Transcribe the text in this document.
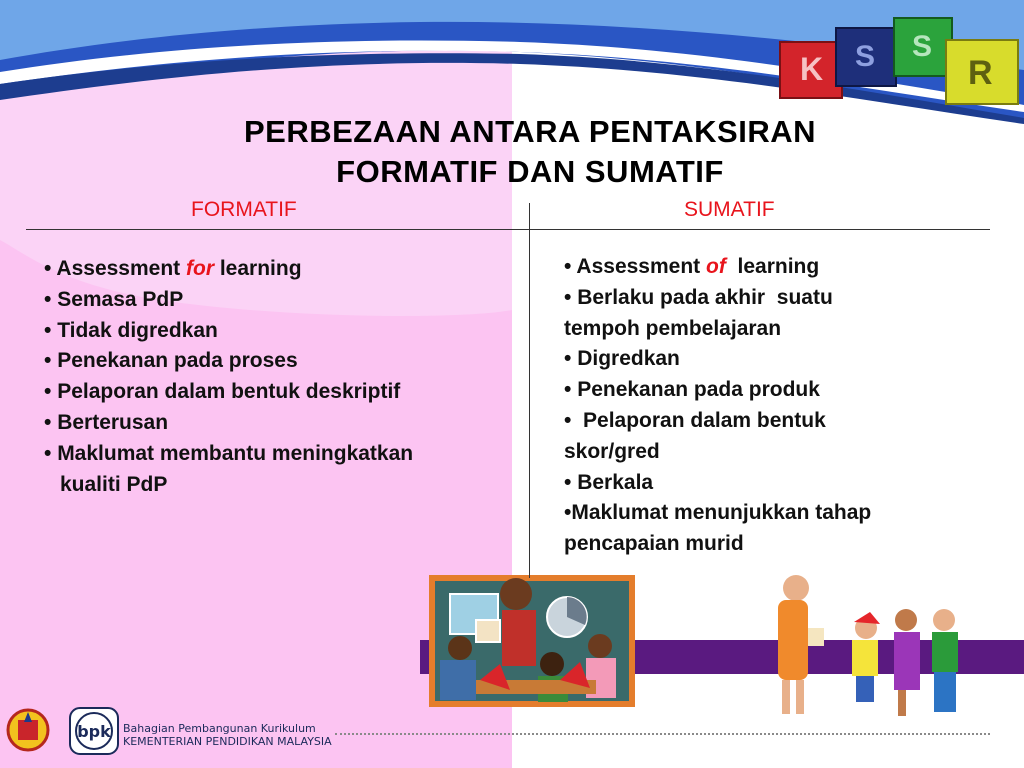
K S S
R
PERBEZAAN ANTARA PENTAKSIRAN
FORMATIF DAN SUMATIF
FORMATIF	SUMATIF
• Assessment for learning
• Semasa PdP
• Tidak digredkan
• Penekanan pada proses
• Pelaporan dalam bentuk deskriptif
• Berterusan
• Maklumat membantu meningkatkan
kualiti PdP
• Assessment of  learning
• Berlaku pada akhir  suatu
tempoh pembelajaran
• Digredkan
• Penekanan pada produk
•  Pelaporan dalam bentuk
skor/gred
• Berkala
•Maklumat menunjukkan tahap
pencapaian murid
bpk Bahagian Pembangunan Kurikulum
KEMENTERIAN PENDIDIKAN MALAYSIA
